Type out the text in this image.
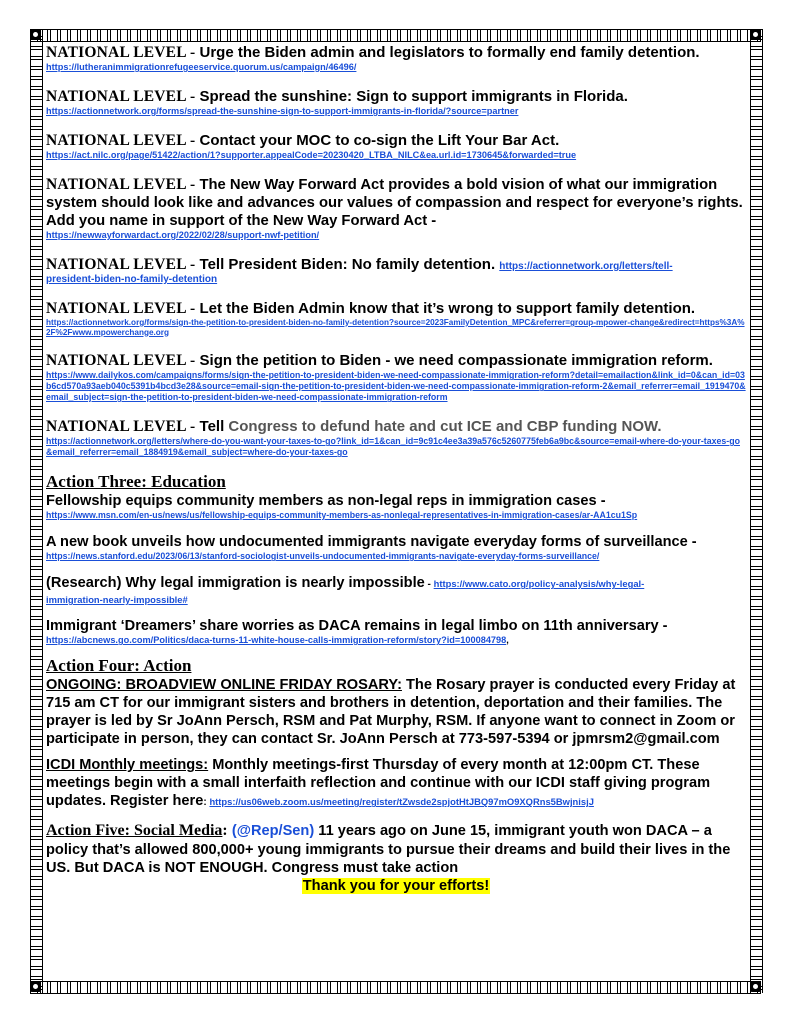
NATIONAL LEVEL - Urge the Biden admin and legislators to formally end family detention.
https://lutheranimmigrationrefugeeservice.quorum.us/campaign/46496/
NATIONAL LEVEL - Spread the sunshine: Sign to support immigrants in Florida.
https://actionnetwork.org/forms/spread-the-sunshine-sign-to-support-immigrants-in-florida/?source=partner
NATIONAL LEVEL - Contact your MOC to co-sign the Lift Your Bar Act.
https://act.nilc.org/page/51422/action/1?supporter.appealCode=20230420_LTBA_NILC&ea.url.id=1730645&forwarded=true
NATIONAL LEVEL - The New Way Forward Act provides a bold vision of what our immigration system should look like and advances our values of compassion and respect for everyone’s rights. Add you name in support of the New Way Forward Act -
https://newwayforwardact.org/2022/02/28/support-nwf-petition/
NATIONAL LEVEL - Tell President Biden: No family detention. https://actionnetwork.org/letters/tell-
president-biden-no-family-detention
NATIONAL LEVEL - Let the Biden Admin know that it’s wrong to support family detention.
https://actionnetwork.org/forms/sign-the-petition-to-president-biden-no-family-detention?source=2023FamilyDetention_MPC&referrer=group-mpower-change&redirect=https%3A%2F%2Fwww.mpowerchange.org
NATIONAL LEVEL - Sign the petition to Biden - we need compassionate immigration reform.
https://www.dailykos.com/campaigns/forms/sign-the-petition-to-president-biden-we-need-compassionate-immigration-reform?detail=emailaction&link_id=0&can_id=03b6cd570a93aeb040c5391b4bcd3e28&source=email-sign-the-petition-to-president-biden-we-need-compassionate-immigration-reform-2&email_referrer=email_1919470&email_subject=sign-the-petition-to-president-biden-we-need-compassionate-immigration-reform
NATIONAL LEVEL - Tell Congress to defund hate and cut ICE and CBP funding NOW.
https://actionnetwork.org/letters/where-do-you-want-your-taxes-to-go?link_id=1&can_id=9c91c4ee3a39a576c5260775feb6a9bc&source=email-where-do-your-taxes-go&email_referrer=email_1884919&email_subject=where-do-your-taxes-go
Action Three: Education
Fellowship equips community members as non-legal reps in immigration cases -
https://www.msn.com/en-us/news/us/fellowship-equips-community-members-as-nonlegal-representatives-in-immigration-cases/ar-AA1cu1Sp
A new book unveils how undocumented immigrants navigate everyday forms of surveillance -
https://news.stanford.edu/2023/06/13/stanford-sociologist-unveils-undocumented-immigrants-navigate-everyday-forms-surveillance/
(Research) Why legal immigration is nearly impossible - https://www.cato.org/policy-analysis/why-legal-
immigration-nearly-impossible#
Immigrant ‘Dreamers’ share worries as DACA remains in legal limbo on 11th anniversary -
https://abcnews.go.com/Politics/daca-turns-11-white-house-calls-immigration-reform/story?id=100084798,
Action Four: Action
ONGOING: BROADVIEW ONLINE FRIDAY ROSARY: The Rosary prayer is conducted every Friday at 715 am CT for our immigrant sisters and brothers in detention, deportation and their families. The prayer is led by Sr JoAnn Persch, RSM and Pat Murphy, RSM. If anyone want to connect in Zoom or participate in person, they can contact Sr. JoAnn Persch at 773-597-5394 or jpmrsm2@gmail.com
ICDI Monthly meetings: Monthly meetings-first Thursday of every month at 12:00pm CT. These meetings begin with a small interfaith reflection and continue with our ICDI staff giving program updates. Register here: https://us06web.zoom.us/meeting/register/tZwsde2spjotHtJBQ97mO9XQRns5BwjnisjJ
Action Five: Social Media: (@Rep/Sen) 11 years ago on June 15, immigrant youth won DACA – a policy that’s allowed 800,000+ young immigrants to pursue their dreams and build their lives in the US. But DACA is NOT ENOUGH. Congress must take action
Thank you for your efforts!
